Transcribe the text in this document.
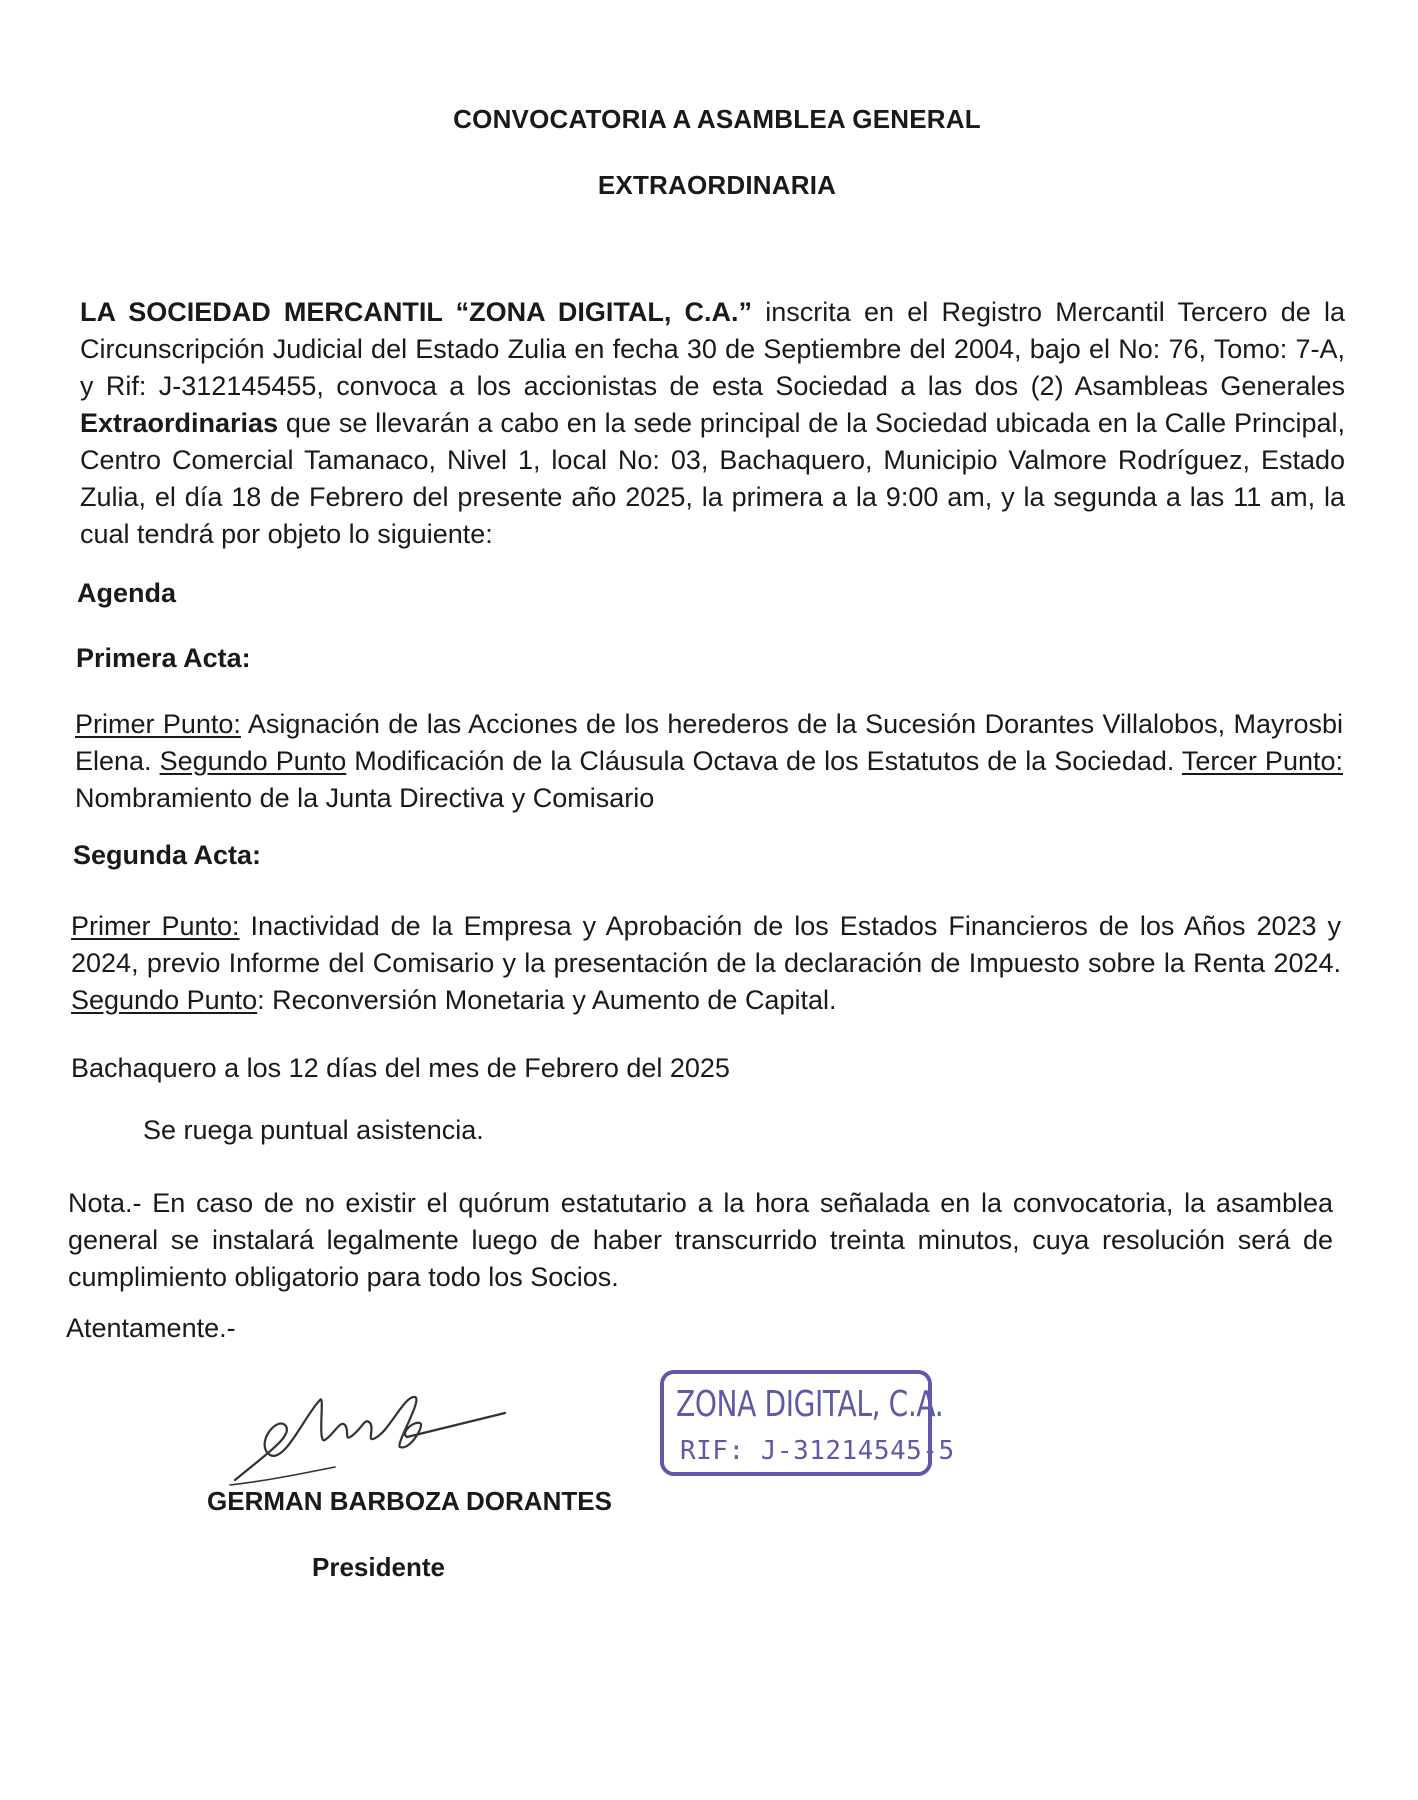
CONVOCATORIA A ASAMBLEA GENERAL
EXTRAORDINARIA
LA SOCIEDAD MERCANTIL “ZONA DIGITAL, C.A.” inscrita en el Registro Mercantil Tercero de la Circunscripción Judicial del Estado Zulia en fecha 30 de Septiembre del 2004, bajo el No: 76, Tomo: 7-A, y Rif: J-312145455, convoca a los accionistas de esta Sociedad a las dos (2) Asambleas Generales Extraordinarias que se llevarán a cabo en la sede principal de la Sociedad ubicada en la Calle Principal, Centro Comercial Tamanaco, Nivel 1, local No: 03, Bachaquero, Municipio Valmore Rodríguez, Estado Zulia, el día 18 de Febrero del presente año 2025, la primera a la 9:00 am, y la segunda a las 11 am, la cual tendrá por objeto lo siguiente:
Agenda
Primera Acta:
Primer Punto: Asignación de las Acciones de los herederos de la Sucesión Dorantes Villalobos, Mayrosbi Elena. Segundo Punto Modificación de la Cláusula Octava de los Estatutos de la Sociedad. Tercer Punto: Nombramiento de la Junta Directiva y Comisario
Segunda Acta:
Primer Punto: Inactividad de la Empresa y Aprobación de los Estados Financieros de los Años 2023 y 2024, previo Informe del Comisario y la presentación de la declaración de Impuesto sobre la Renta 2024. Segundo Punto: Reconversión Monetaria y Aumento de Capital.
Bachaquero a los 12 días del mes de Febrero del 2025
Se ruega puntual asistencia.
Nota.- En caso de no existir el quórum estatutario a la hora señalada en la convocatoria, la asamblea general se instalará legalmente luego de haber transcurrido treinta minutos, cuya resolución será de cumplimiento obligatorio para todo los Socios.
Atentamente.-
GERMAN BARBOZA DORANTES
Presidente
ZONA DIGITAL, C.A.
RIF: J-31214545-5
